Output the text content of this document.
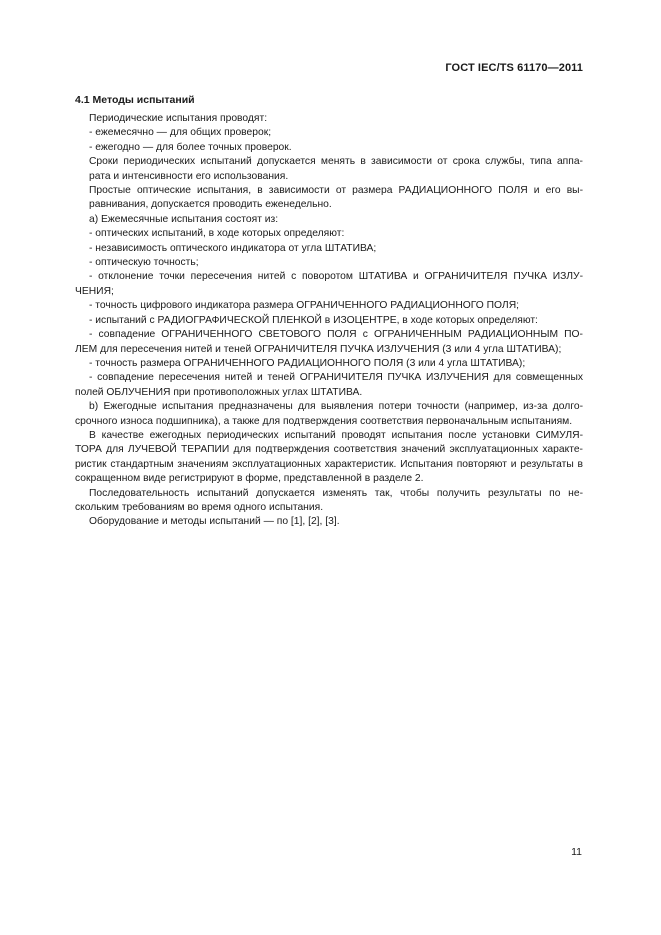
ГОСТ IEC/TS 61170—2011
4.1 Методы испытаний
Периодические испытания проводят:
- ежемесячно — для общих проверок;
- ежегодно — для более точных проверок.
Сроки периодических испытаний допускается менять в зависимости от срока службы, типа аппа-
рата и интенсивности его использования.
Простые оптические испытания, в зависимости от размера РАДИАЦИОННОГО ПОЛЯ и его вы-
равнивания, допускается проводить еженедельно.
а) Ежемесячные испытания состоят из:
- оптических испытаний, в ходе которых определяют:
- независимость оптического индикатора от угла ШТАТИВА;
- оптическую точность;
- отклонение точки пересечения нитей с поворотом ШТАТИВА и ОГРАНИЧИТЕЛЯ ПУЧКА ИЗЛУ-
ЧЕНИЯ;
- точность цифрового индикатора размера ОГРАНИЧЕННОГО РАДИАЦИОННОГО ПОЛЯ;
- испытаний с РАДИОГРАФИЧЕСКОЙ ПЛЕНКОЙ в ИЗОЦЕНТРЕ, в ходе которых определяют:
- совпадение ОГРАНИЧЕННОГО СВЕТОВОГО ПОЛЯ с ОГРАНИЧЕННЫМ РАДИАЦИОННЫМ ПО-
ЛЕМ для пересечения нитей и теней ОГРАНИЧИТЕЛЯ ПУЧКА ИЗЛУЧЕНИЯ (3 или 4 угла ШТАТИВА);
- точность размера ОГРАНИЧЕННОГО РАДИАЦИОННОГО ПОЛЯ (3 или 4 угла ШТАТИВА);
- совпадение пересечения нитей и теней ОГРАНИЧИТЕЛЯ ПУЧКА ИЗЛУЧЕНИЯ для совмещенных
полей ОБЛУЧЕНИЯ при противоположных углах ШТАТИВА.
b) Ежегодные испытания предназначены для выявления потери точности (например, из-за долго-
срочного износа подшипника), а также для подтверждения соответствия первоначальным испытаниям.
В качестве ежегодных периодических испытаний проводят испытания после установки СИМУЛЯ-
ТОРА для ЛУЧЕВОЙ ТЕРАПИИ для подтверждения соответствия значений эксплуатационных характе-
ристик стандартным значениям эксплуатационных характеристик. Испытания повторяют и результаты в
сокращенном виде регистрируют в форме, представленной в разделе 2.
Последовательность испытаний допускается изменять так, чтобы получить результаты по не-
скольким требованиям во время одного испытания.
Оборудование и методы испытаний — по [1], [2], [3].
11
